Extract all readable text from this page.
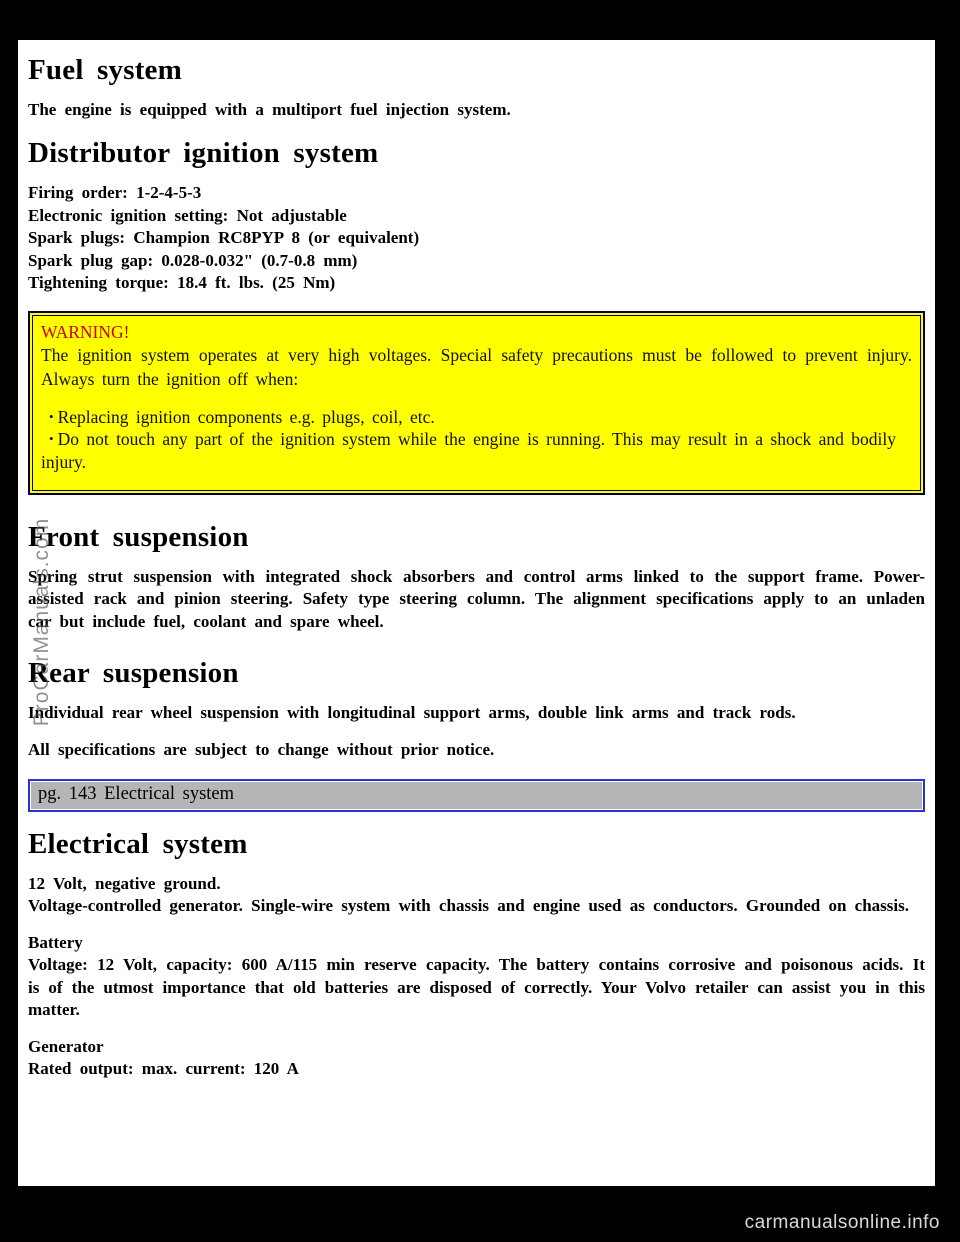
ProCarManuals.com
Fuel system

The engine is equipped with a multiport fuel injection system.

Distributor ignition system
Firing order: 1-2-4-5-3
Electronic ignition setting: Not adjustable
Spark plugs: Champion RC8PYP 8 (or equivalent)
Spark plug gap: 0.028-0.032" (0.7-0.8 mm)
Tightening torque: 18.4 ft. lbs. (25 Nm)
WARNING!
The ignition system operates at very high voltages. Special safety precautions must be followed to prevent injury. Always turn the ignition off when:
• Replacing ignition components e.g. plugs, coil, etc.
• Do not touch any part of the ignition system while the engine is running. This may result in a shock and bodily injury.
Front suspension

Spring strut suspension with integrated shock absorbers and control arms linked to the support frame. Power-assisted rack and pinion steering. Safety type steering column. The alignment specifications apply to an unladen car but include fuel, coolant and spare wheel.

Rear suspension

Individual rear wheel suspension with longitudinal support arms, double link arms and track rods.

All specifications are subject to change without prior notice.

pg. 143 Electrical system
Electrical system
12 Volt, negative ground.
Voltage-controlled generator. Single-wire system with chassis and engine used as conductors. Grounded on chassis.
Battery
Voltage: 12 Volt, capacity: 600 A/115 min reserve capacity. The battery contains corrosive and poisonous acids. It is of the utmost importance that old batteries are disposed of correctly. Your Volvo retailer can assist you in this matter.
Generator
Rated output: max. current: 120 A
carmanualsonline.info
